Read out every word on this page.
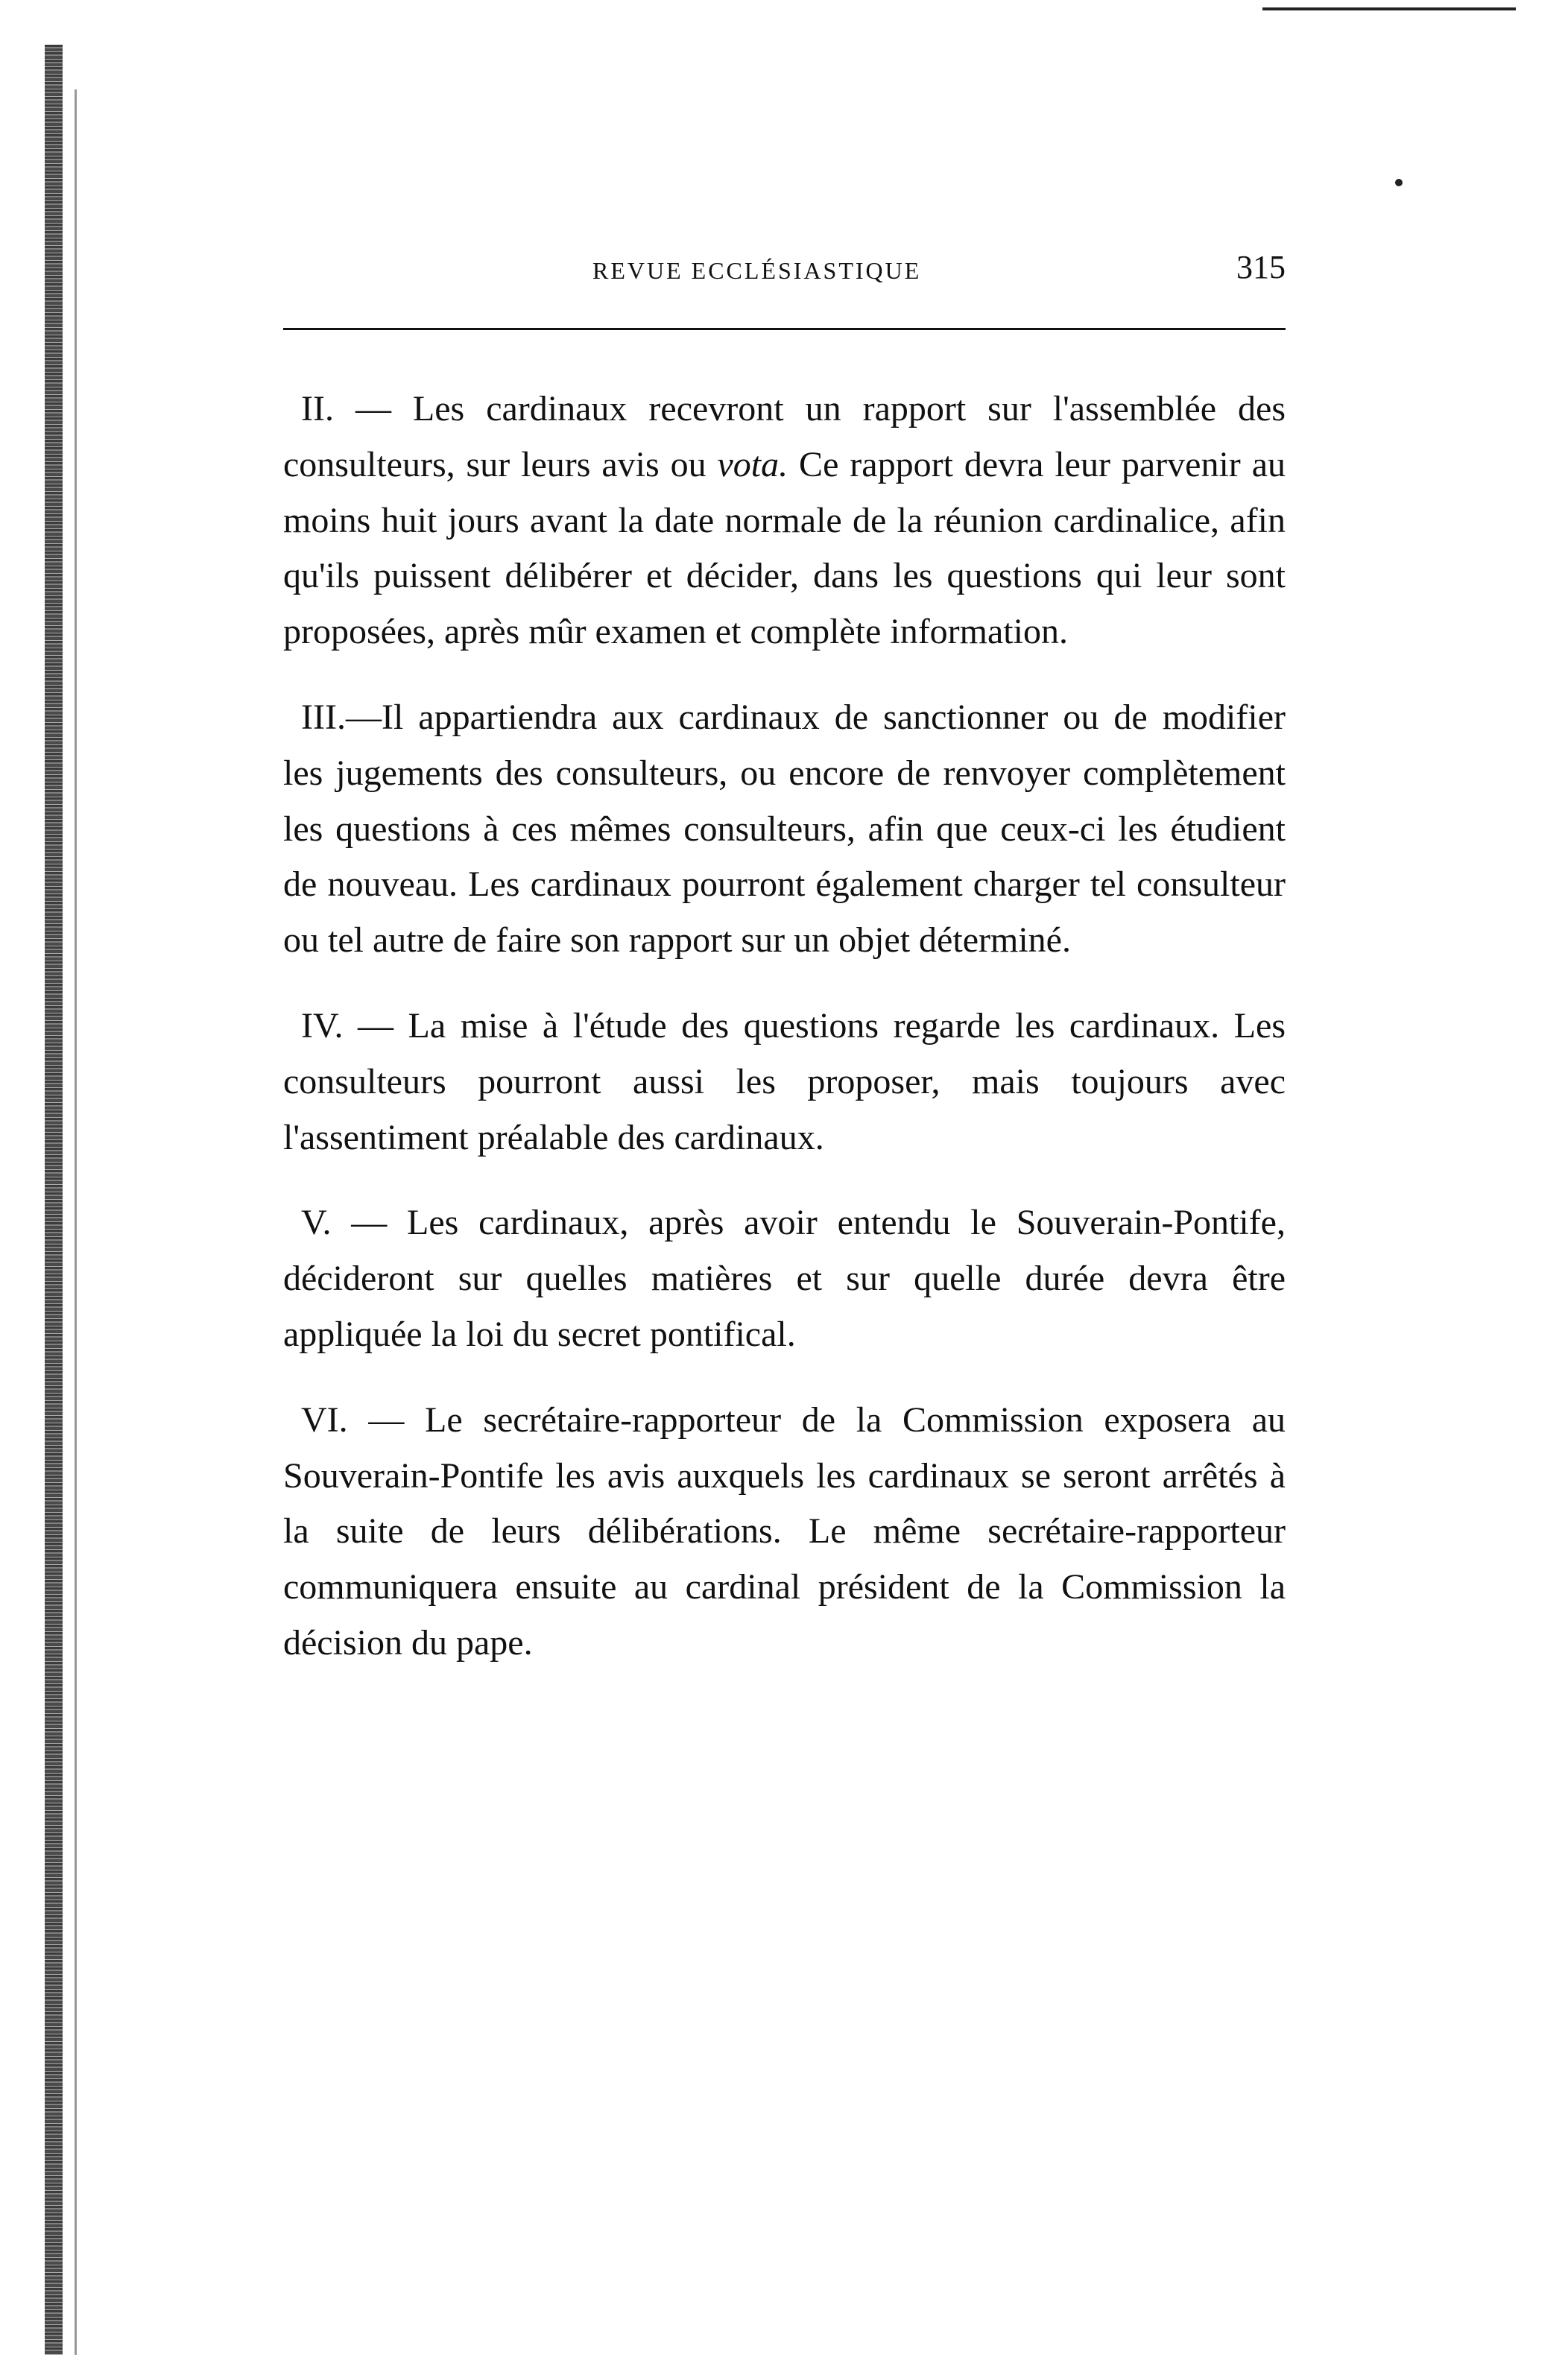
REVUE ECCLÉSIASTIQUE	315

II. — Les cardinaux recevront un rapport sur l'assemblée des consulteurs, sur leurs avis ou vota. Ce rapport devra leur parvenir au moins huit jours avant la date normale de la réunion cardinalice, afin qu'ils puissent délibérer et décider, dans les questions qui leur sont proposées, après mûr examen et complète information.

III.—Il appartiendra aux cardinaux de sanctionner ou de modifier les jugements des consulteurs, ou encore de renvoyer complètement les questions à ces mêmes consulteurs, afin que ceux-ci les étudient de nouveau. Les cardinaux pourront également charger tel consulteur ou tel autre de faire son rapport sur un objet déterminé.

IV. — La mise à l'étude des questions regarde les cardinaux. Les consulteurs pourront aussi les proposer, mais toujours avec l'assentiment préalable des cardinaux.

V. — Les cardinaux, après avoir entendu le Souverain-Pontife, décideront sur quelles matières et sur quelle durée devra être appliquée la loi du secret pontifical.

VI. — Le secrétaire-rapporteur de la Commission exposera au Souverain-Pontife les avis auxquels les cardinaux se seront arrêtés à la suite de leurs délibérations. Le même secrétaire-rapporteur communiquera ensuite au cardinal président de la Commission la décision du pape.
